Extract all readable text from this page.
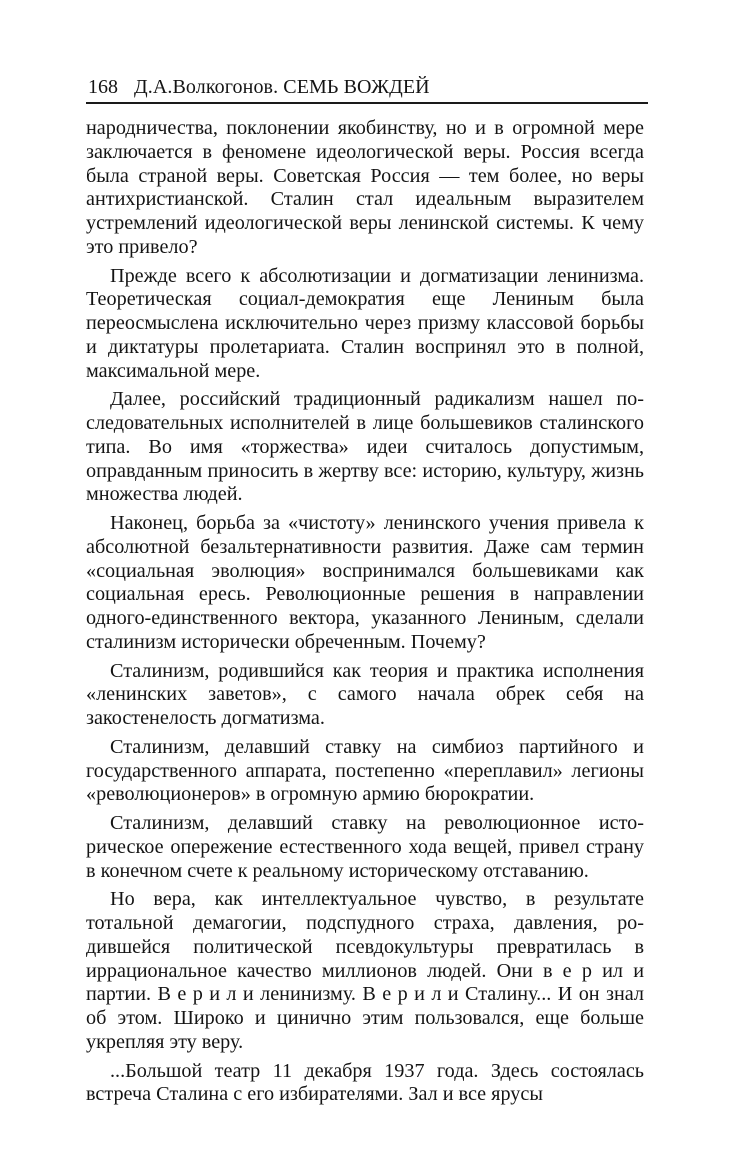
168 Д.А.Волкогонов. СЕМЬ ВОЖДЕЙ

народничества, поклонении якобинству, но и в огромной мере заключается в феномене идеологической веры. Россия всегда была страной веры. Советская Россия — тем более, но веры антихристианской. Сталин стал идеальным выразителем устремлений идеологической веры ленинской системы. К чему это привело?

Прежде всего к абсолютизации и догматизации ленинизма. Теоретическая социал-демократия еще Лениным была переосмыслена исключительно через призму классовой борьбы и диктатуры пролетариата. Сталин воспринял это в полной, максимальной мере.

Далее, российский традиционный радикализм нашел последовательных исполнителей в лице большевиков сталинского типа. Во имя «торжества» идеи считалось допустимым, оправданным приносить в жертву все: историю, культуру, жизнь множества людей.

Наконец, борьба за «чистоту» ленинского учения привела к абсолютной безальтернативности развития. Даже сам термин «социальная эволюция» воспринимался большевиками как социальная ересь. Революционные решения в направлении одного-единственного вектора, указанного Лениным, сделали сталинизм исторически обреченным. Почему?

Сталинизм, родившийся как теория и практика исполнения «ленинских заветов», с самого начала обрек себя на закостенелость догматизма.

Сталинизм, делавший ставку на симбиоз партийного и государственного аппарата, постепенно «переплавил» легионы «революционеров» в огромную армию бюрократии.

Сталинизм, делавший ставку на революционное историческое опережение естественного хода вещей, привел страну в конечном счете к реальному историческому отставанию.

Но вера, как интеллектуальное чувство, в результате тотальной демагогии, подспудного страха, давления, родившейся политической псевдокультуры превратилась в иррациональное качество миллионов людей. Они в е р ил и партии. В е р и л и ленинизму. В е р и л и Сталину... И он знал об этом. Широко и цинично этим пользовался, еще больше укрепляя эту веру.

...Большой театр 11 декабря 1937 года. Здесь состоялась встреча Сталина с его избирателями. Зал и все ярусы
